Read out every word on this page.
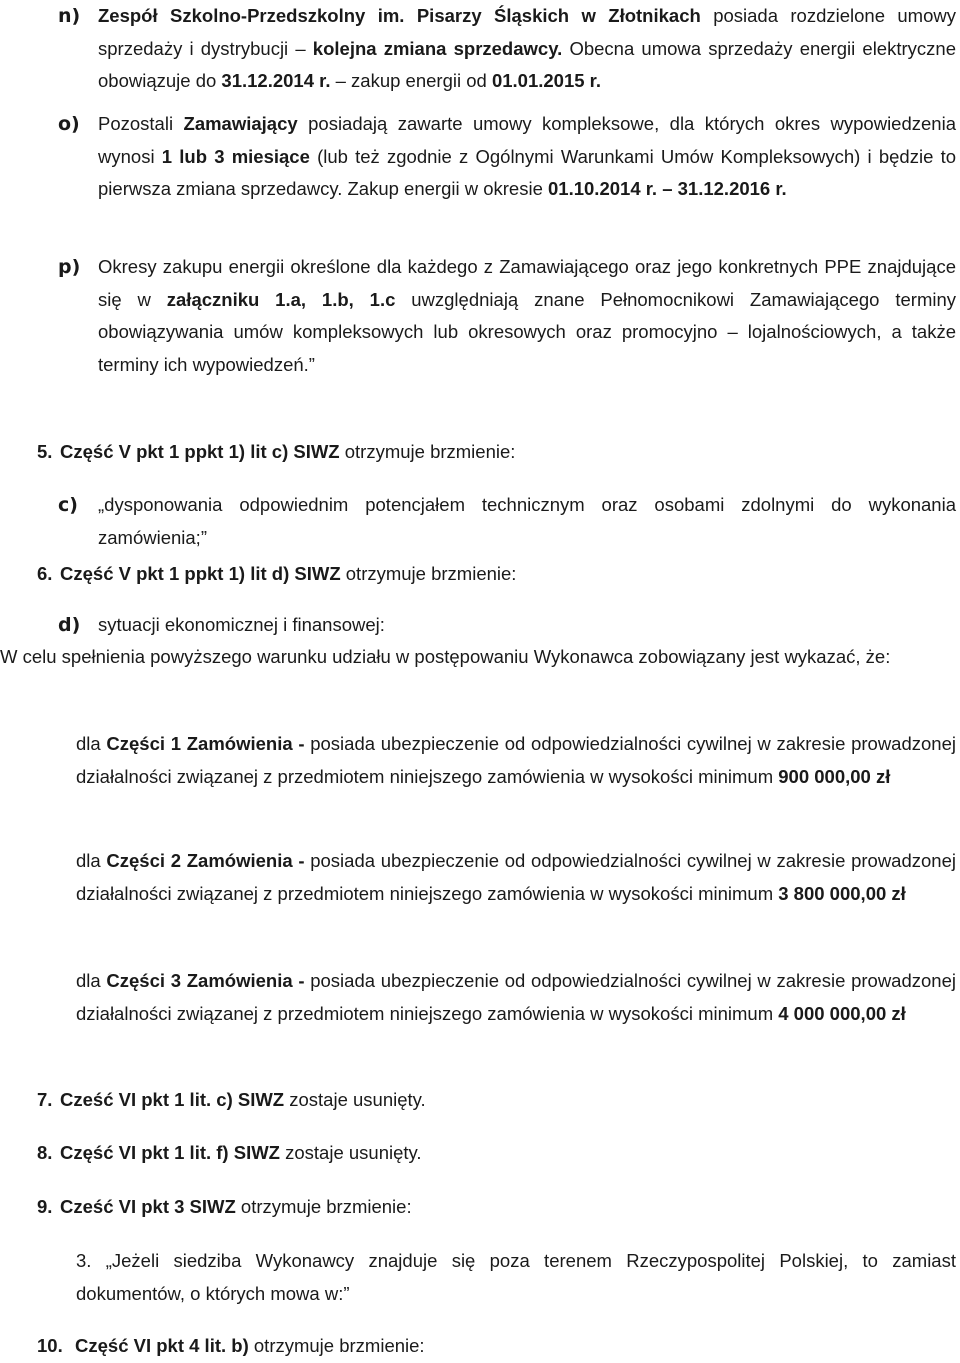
n) Zespół Szkolno-Przedszkolny im. Pisarzy Śląskich w Złotnikach posiada rozdzielone umowy sprzedaży i dystrybucji – kolejna zmiana sprzedawcy. Obecna umowa sprzedaży energii elektryczne obowiązuje do 31.12.2014 r. – zakup energii od 01.01.2015 r.
o) Pozostali Zamawiający posiadają zawarte umowy kompleksowe, dla których okres wypowiedzenia wynosi 1 lub 3 miesiące (lub też zgodnie z Ogólnymi Warunkami Umów Kompleksowych) i będzie to pierwsza zmiana sprzedawcy. Zakup energii w okresie 01.10.2014 r. – 31.12.2016 r.
p) Okresy zakupu energii określone dla każdego z Zamawiającego oraz jego konkretnych PPE znajdujące się w załączniku 1.a, 1.b, 1.c uwzględniają znane Pełnomocnikowi Zamawiającego terminy obowiązywania umów kompleksowych lub okresowych oraz promocyjno – lojalnościowych, a także terminy ich wypowiedzeń.”
5. Część V pkt 1 ppkt 1) lit c) SIWZ otrzymuje brzmienie:
c) „dysponowania odpowiednim potencjałem technicznym oraz osobami zdolnymi do wykonania zamówienia;”
6. Część V pkt 1 ppkt 1) lit d) SIWZ otrzymuje brzmienie:
d) sytuacji ekonomicznej i finansowej:
W celu spełnienia powyższego warunku udziału w postępowaniu Wykonawca zobowiązany jest wykazać, że:
dla Części 1 Zamówienia - posiada ubezpieczenie od odpowiedzialności cywilnej w zakresie prowadzonej działalności związanej z przedmiotem niniejszego zamówienia w wysokości minimum 900 000,00 zł
dla Części 2 Zamówienia - posiada ubezpieczenie od odpowiedzialności cywilnej w zakresie prowadzonej działalności związanej z przedmiotem niniejszego zamówienia w wysokości minimum 3 800 000,00 zł
dla Części 3 Zamówienia - posiada ubezpieczenie od odpowiedzialności cywilnej w zakresie prowadzonej działalności związanej z przedmiotem niniejszego zamówienia w wysokości minimum 4 000 000,00 zł
7. Cześć VI pkt 1 lit. c) SIWZ zostaje usunięty.
8. Część VI pkt 1 lit. f) SIWZ zostaje usunięty.
9. Cześć VI pkt 3 SIWZ otrzymuje brzmienie:
3. „Jeżeli siedziba Wykonawcy znajduje się poza terenem Rzeczypospolitej Polskiej, to zamiast dokumentów, o których mowa w:”
10. Część VI pkt 4 lit. b) otrzymuje brzmienie:
